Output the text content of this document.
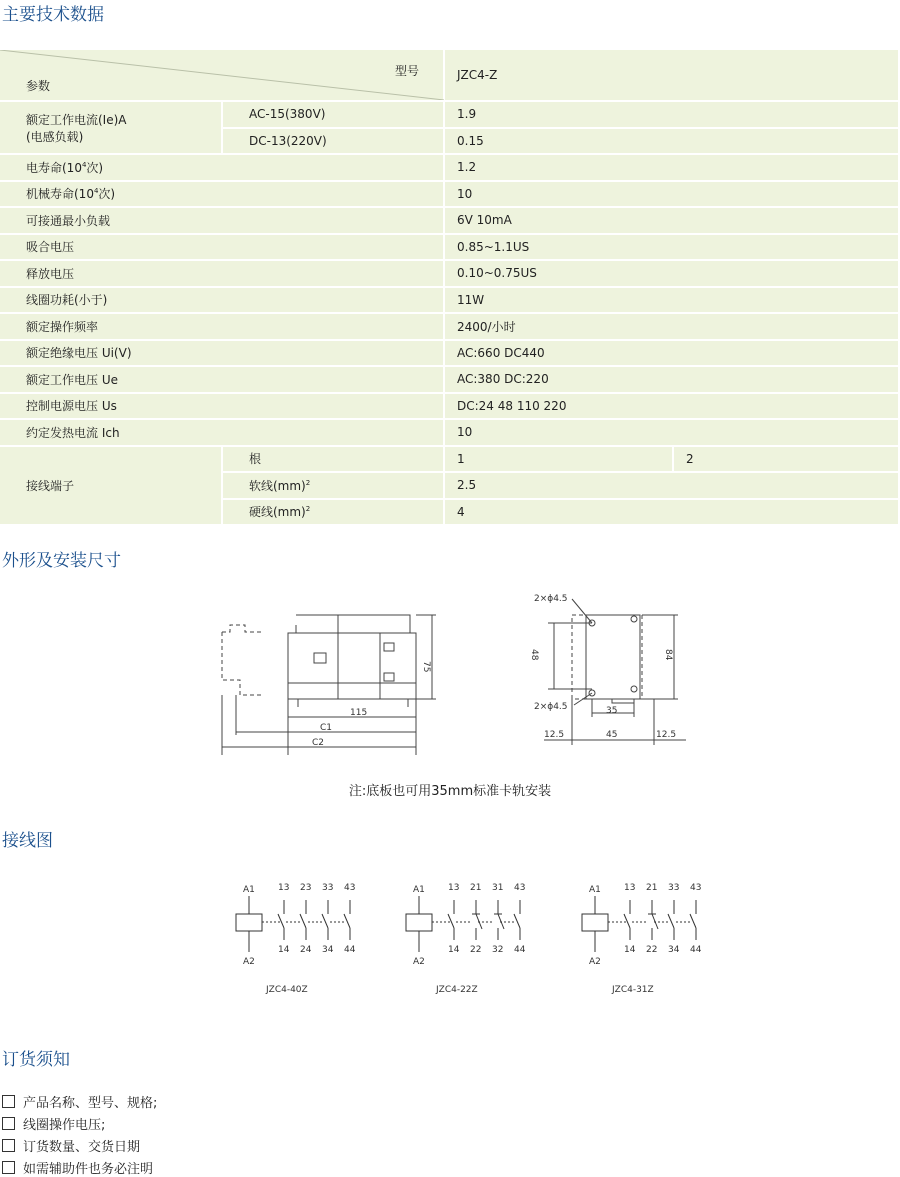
主要技术数据
型号
参数		JZC4-Z	

额定工作电流(Ie)A
(电感负载)	AC-15(380V)	1.9	
	DC-13(220V)	0.15	
电寿命($10^4$次)		1.2	
机械寿命($10^4$次)		10	
可接通最小负载		6V 10mA	
吸合电压		0.85~1.1US	
释放电压		0.10~0.75US	
线圈功耗(小于)		11W	
额定操作频率		2400/小时	
额定绝缘电压 Ui(V)		AC:660 DC440	
额定工作电压 Ue		AC:380 DC:220	
控制电源电压 Us		DC:24 48 110 220	
约定发热电流 Ich		10	
接线端子	根	1	2
	软线(mm)$^2$	2.5	
	硬线(mm)$^2$	4	
外形及安装尺寸
75
115
C1
C2
2×ϕ4.5
2×ϕ4.5
48	84
35
12.5	45	12.5
注:底板也可用35mm标准卡轨安装
接线图
A1
A2
13
14
23
24
33
34
43
44
JZC4-40Z
A1
A2
13
14
21
22
31
32
43
44
JZC4-22Z
A1
A2
13
14
21
22
33
34
43
44
JZC4-31Z
订货须知
产品名称、型号、规格;
线圈操作电压;
订货数量、交货日期
如需辅助件也务必注明
